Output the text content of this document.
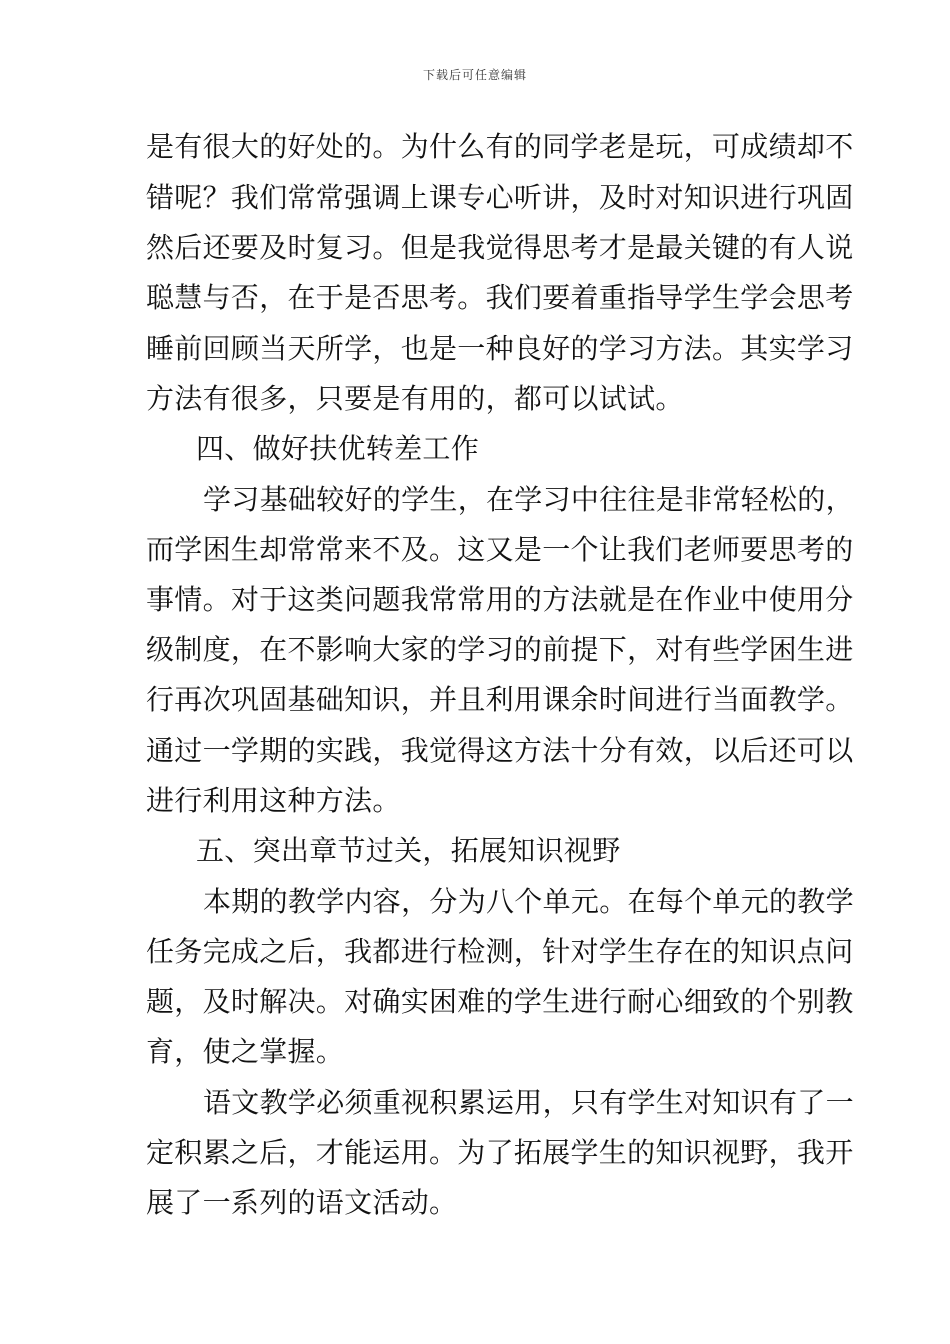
下载后可任意编辑
是有很大的好处的。为什么有的同学老是玩，可成绩却不
错呢？我们常常强调上课专心听讲，及时对知识进行巩固
然后还要及时复习。但是我觉得思考才是最关键的有人说
聪慧与否，在于是否思考。我们要着重指导学生学会思考
睡前回顾当天所学，也是一种良好的学习方法。其实学习
方法有很多，只要是有用的，都可以试试。
四、做好扶优转差工作
学习基础较好的学生，在学习中往往是非常轻松的，
而学困生却常常来不及。这又是一个让我们老师要思考的
事情。对于这类问题我常常用的方法就是在作业中使用分
级制度，在不影响大家的学习的前提下，对有些学困生进
行再次巩固基础知识，并且利用课余时间进行当面教学。
通过一学期的实践，我觉得这方法十分有效，以后还可以
进行利用这种方法。
五、突出章节过关，拓展知识视野
本期的教学内容，分为八个单元。在每个单元的教学
任务完成之后，我都进行检测，针对学生存在的知识点问
题，及时解决。对确实困难的学生进行耐心细致的个别教
育，使之掌握。
语文教学必须重视积累运用，只有学生对知识有了一
定积累之后，才能运用。为了拓展学生的知识视野，我开
展了一系列的语文活动。
